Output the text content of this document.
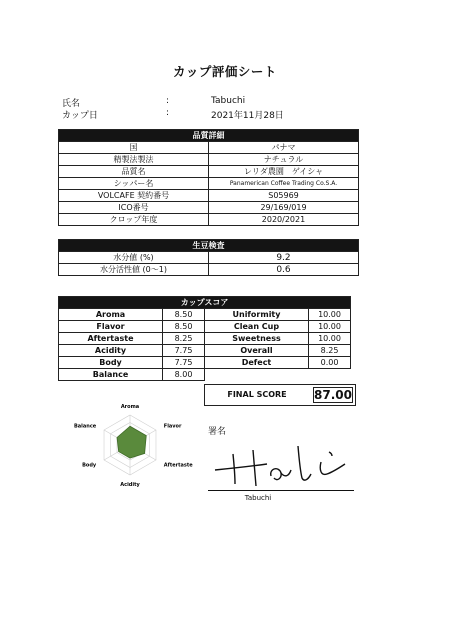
カップ評価シート
氏名	:	Tabuchi
カップ日	:	2021年11月28日
品質詳細	
国	パナマ
精製法製法	ナチュラル
品質名	レリダ農園　ゲイシャ
シッパー名	Panamerican Coffee Trading Co.S.A.
VOLCAFE 契約番号	S05969
ICO番号	29/169/019
クロップ年度	2020/2021
生豆検査	
水分値 (%)	9.2
水分活性値 (0～1)	0.6
カップスコア			
Aroma	8.50	Uniformity	10.00
Flavor	8.50	Clean Cup	10.00
Aftertaste	8.25	Sweetness	10.00
Acidity	7.75	Overall	8.25
Body	7.75	Defect	0.00
Balance	8.00		
FINAL SCORE	87.00
Aroma
Flavor
Aftertaste
Acidity
Body
Balance
署名
Tabuchi
